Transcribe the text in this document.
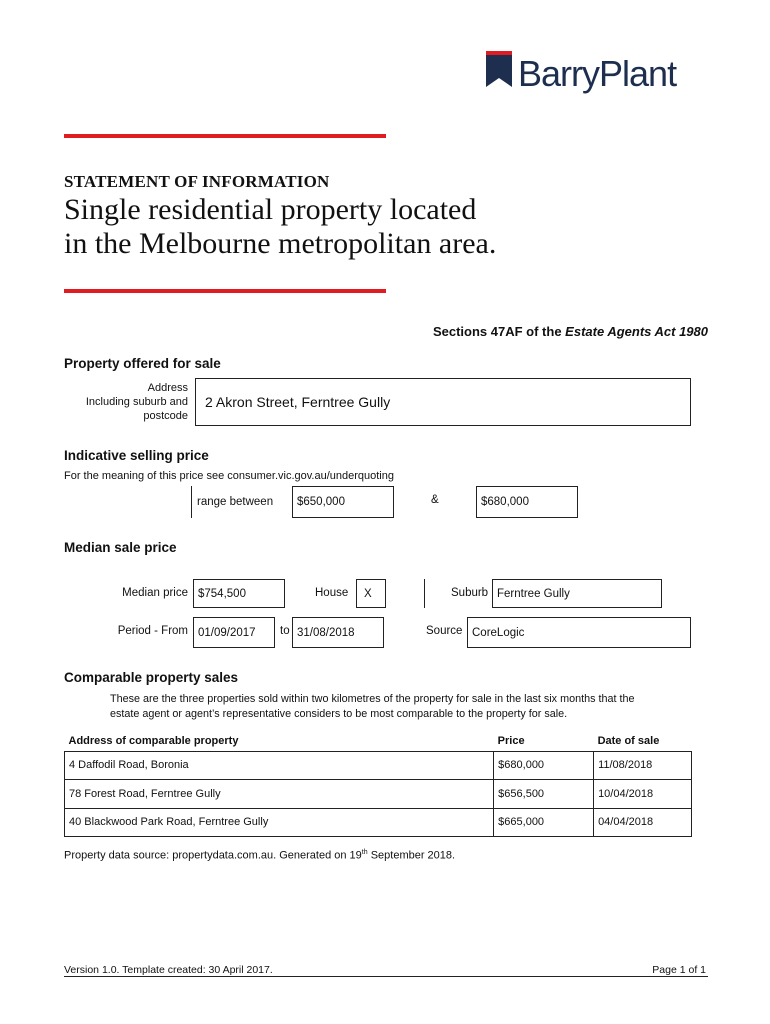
BarryPlant
STATEMENT OF INFORMATION
Single residential property located
in the Melbourne metropolitan area.
Sections 47AF of the Estate Agents Act 1980
Property offered for sale
Address
Including suburb and
postcode
2 Akron Street, Ferntree Gully
Indicative selling price
For the meaning of this price see consumer.vic.gov.au/underquoting
range between $650,000	&	$680,000
Median sale price
Median price $754,500	House X	Suburb Ferntree Gully
Period - From 01/09/2017 to 31/08/2018	Source CoreLogic
Comparable property sales
These are the three properties sold within two kilometres of the property for sale in the last six months that the
estate agent or agent’s representative considers to be most comparable to the property for sale.
Address of comparable property	Price	Date of sale
4 Daffodil Road, Boronia	$680,000	11/08/2018
78 Forest Road, Ferntree Gully	$656,500	10/04/2018
40 Blackwood Park Road, Ferntree Gully	$665,000	04/04/2018
Property data source: propertydata.com.au. Generated on 19th September 2018.
Version 1.0. Template created: 30 April 2017.	Page 1 of 1
